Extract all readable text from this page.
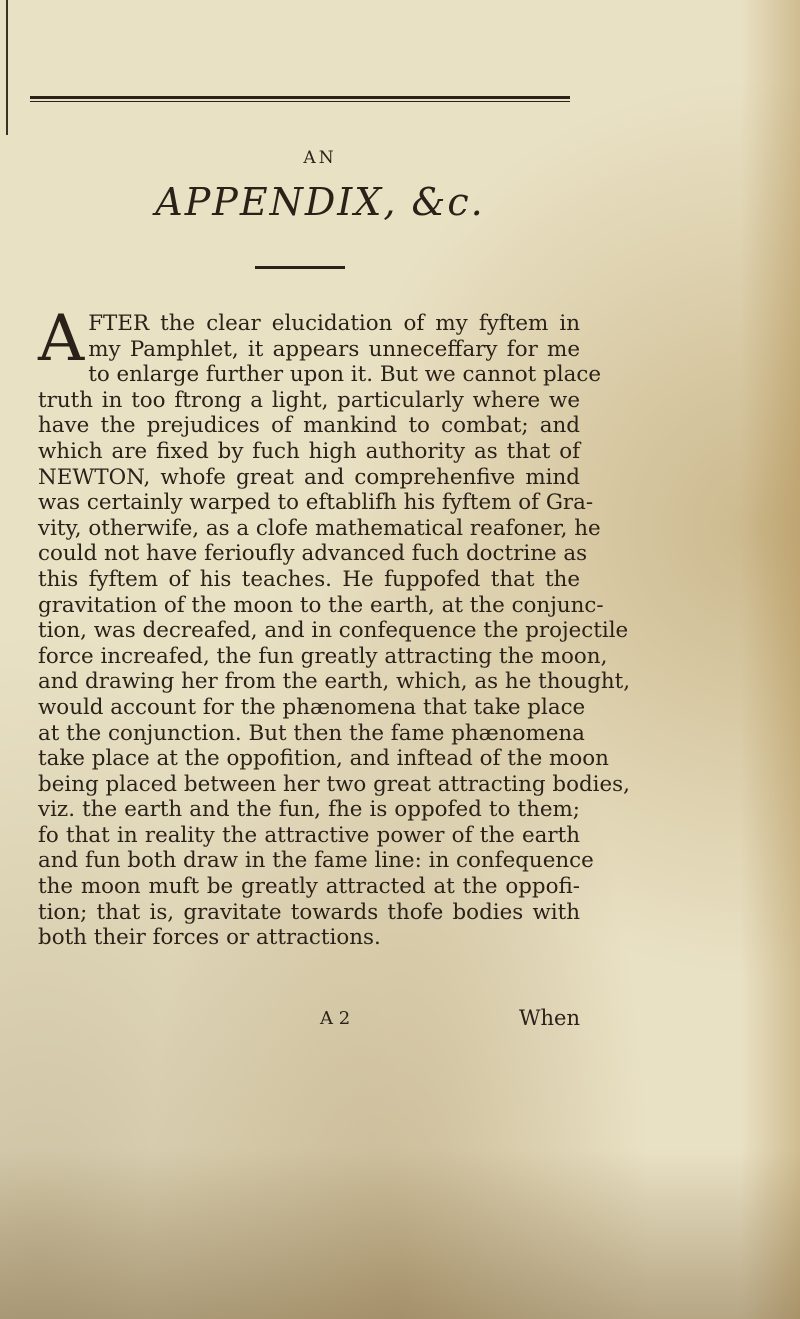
AN
APPENDIX, &c.
A FTER the clear elucidation of my fyftem in
my Pamphlet, it appears unneceffary for me
to enlarge further upon it. But we cannot place
truth in too ftrong a light, particularly where we
have the prejudices of mankind to combat; and
which are fixed by fuch high authority as that of
NEWTON, whofe great and comprehenfive mind
was certainly warped to eftablifh his fyftem of Gra-
vity, otherwife, as a clofe mathematical reafoner, he
could not have ferioufly advanced fuch doctrine as
this fyftem of his teaches. He fuppofed that the
gravitation of the moon to the earth, at the conjunc-
tion, was decreafed, and in confequence the projectile
force increafed, the fun greatly attracting the moon,
and drawing her from the earth, which, as he thought,
would account for the phænomena that take place
at the conjunction. But then the fame phænomena
take place at the oppofition, and inftead of the moon
being placed between her two great attracting bodies,
viz. the earth and the fun, fhe is oppofed to them;
fo that in reality the attractive power of the earth
and fun both draw in the fame line: in confequence
the moon muft be greatly attracted at the oppofi-
tion; that is, gravitate towards thofe bodies with
both their forces or attractions.
A 2	When
